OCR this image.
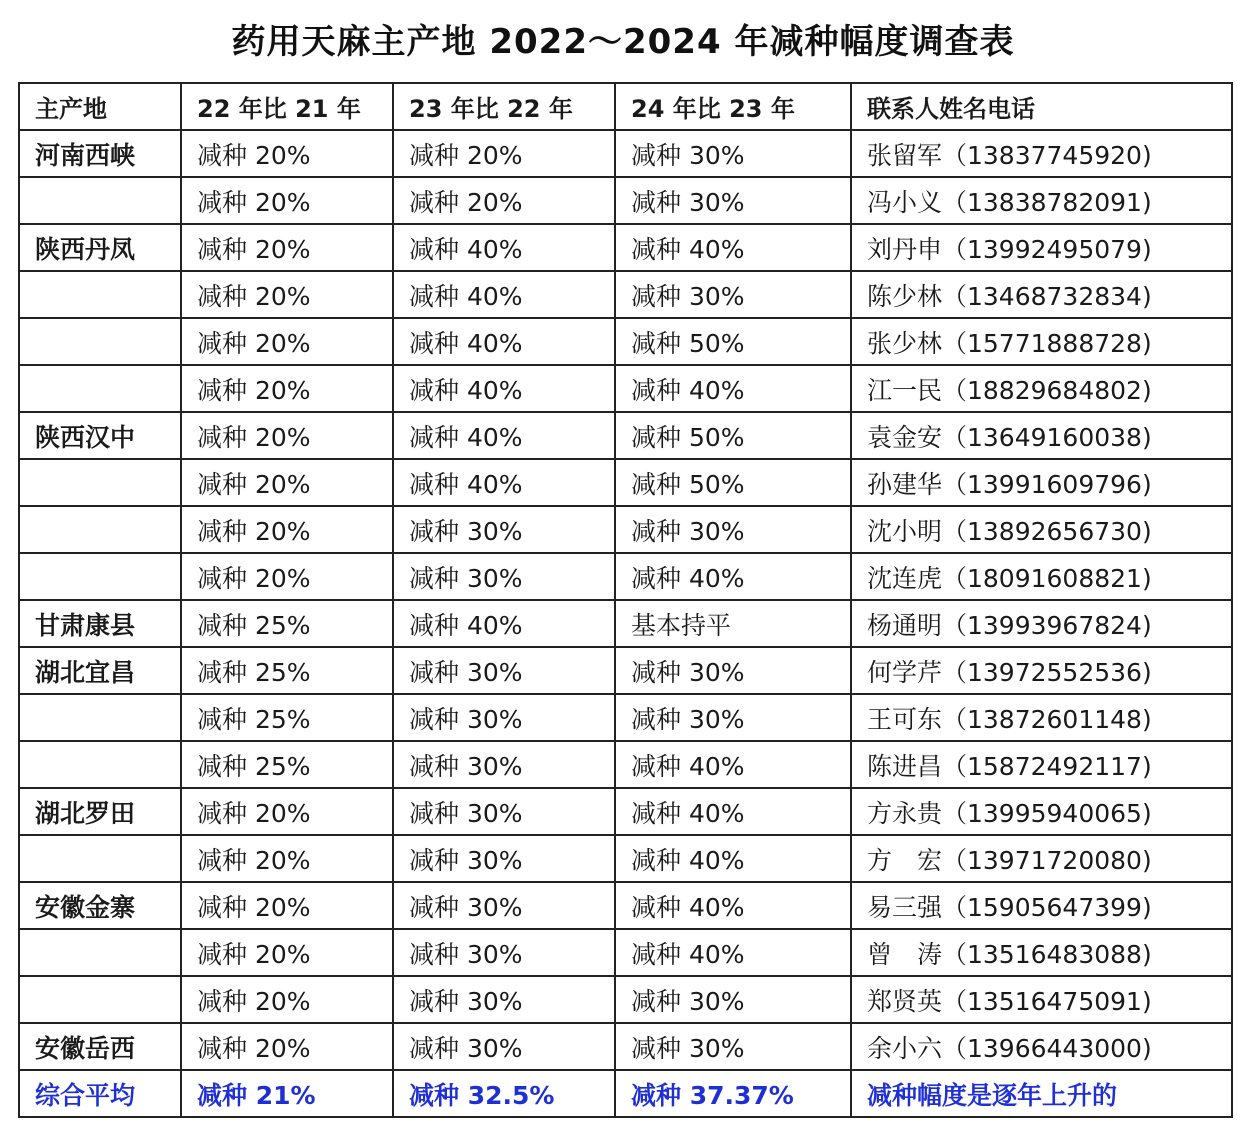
药用天麻主产地 2022～2024 年减种幅度调查表
主产地	22 年比 21 年	23 年比 22 年	24 年比 23 年	联系人姓名电话
河南西峡	减种 20%	减种 20%	减种 30%	张留军（13837745920)
	减种 20%	减种 20%	减种 30%	冯小义（13838782091)
陕西丹凤	减种 20%	减种 40%	减种 40%	刘丹申（13992495079)
	减种 20%	减种 40%	减种 30%	陈少林（13468732834)
	减种 20%	减种 40%	减种 50%	张少林（15771888728)
	减种 20%	减种 40%	减种 40%	江一民（18829684802)
陕西汉中	减种 20%	减种 40%	减种 50%	袁金安（13649160038)
	减种 20%	减种 40%	减种 50%	孙建华（13991609796)
	减种 20%	减种 30%	减种 30%	沈小明（13892656730)
	减种 20%	减种 30%	减种 40%	沈连虎（18091608821)
甘肃康县	减种 25%	减种 40%	基本持平	杨通明（13993967824)
湖北宜昌	减种 25%	减种 30%	减种 30%	何学芹（13972552536)
	减种 25%	减种 30%	减种 30%	王可东（13872601148)
	减种 25%	减种 30%	减种 40%	陈进昌（15872492117)
湖北罗田	减种 20%	减种 30%	减种 40%	方永贵（13995940065)
	减种 20%	减种 30%	减种 40%	方　宏（13971720080)
安徽金寨	减种 20%	减种 30%	减种 40%	易三强（15905647399)
	减种 20%	减种 30%	减种 40%	曾　涛（13516483088)
	减种 20%	减种 30%	减种 30%	郑贤英（13516475091)
安徽岳西	减种 20%	减种 30%	减种 30%	余小六（13966443000)
综合平均	减种 21%	减种 32.5%	减种 37.37%	减种幅度是逐年上升的
